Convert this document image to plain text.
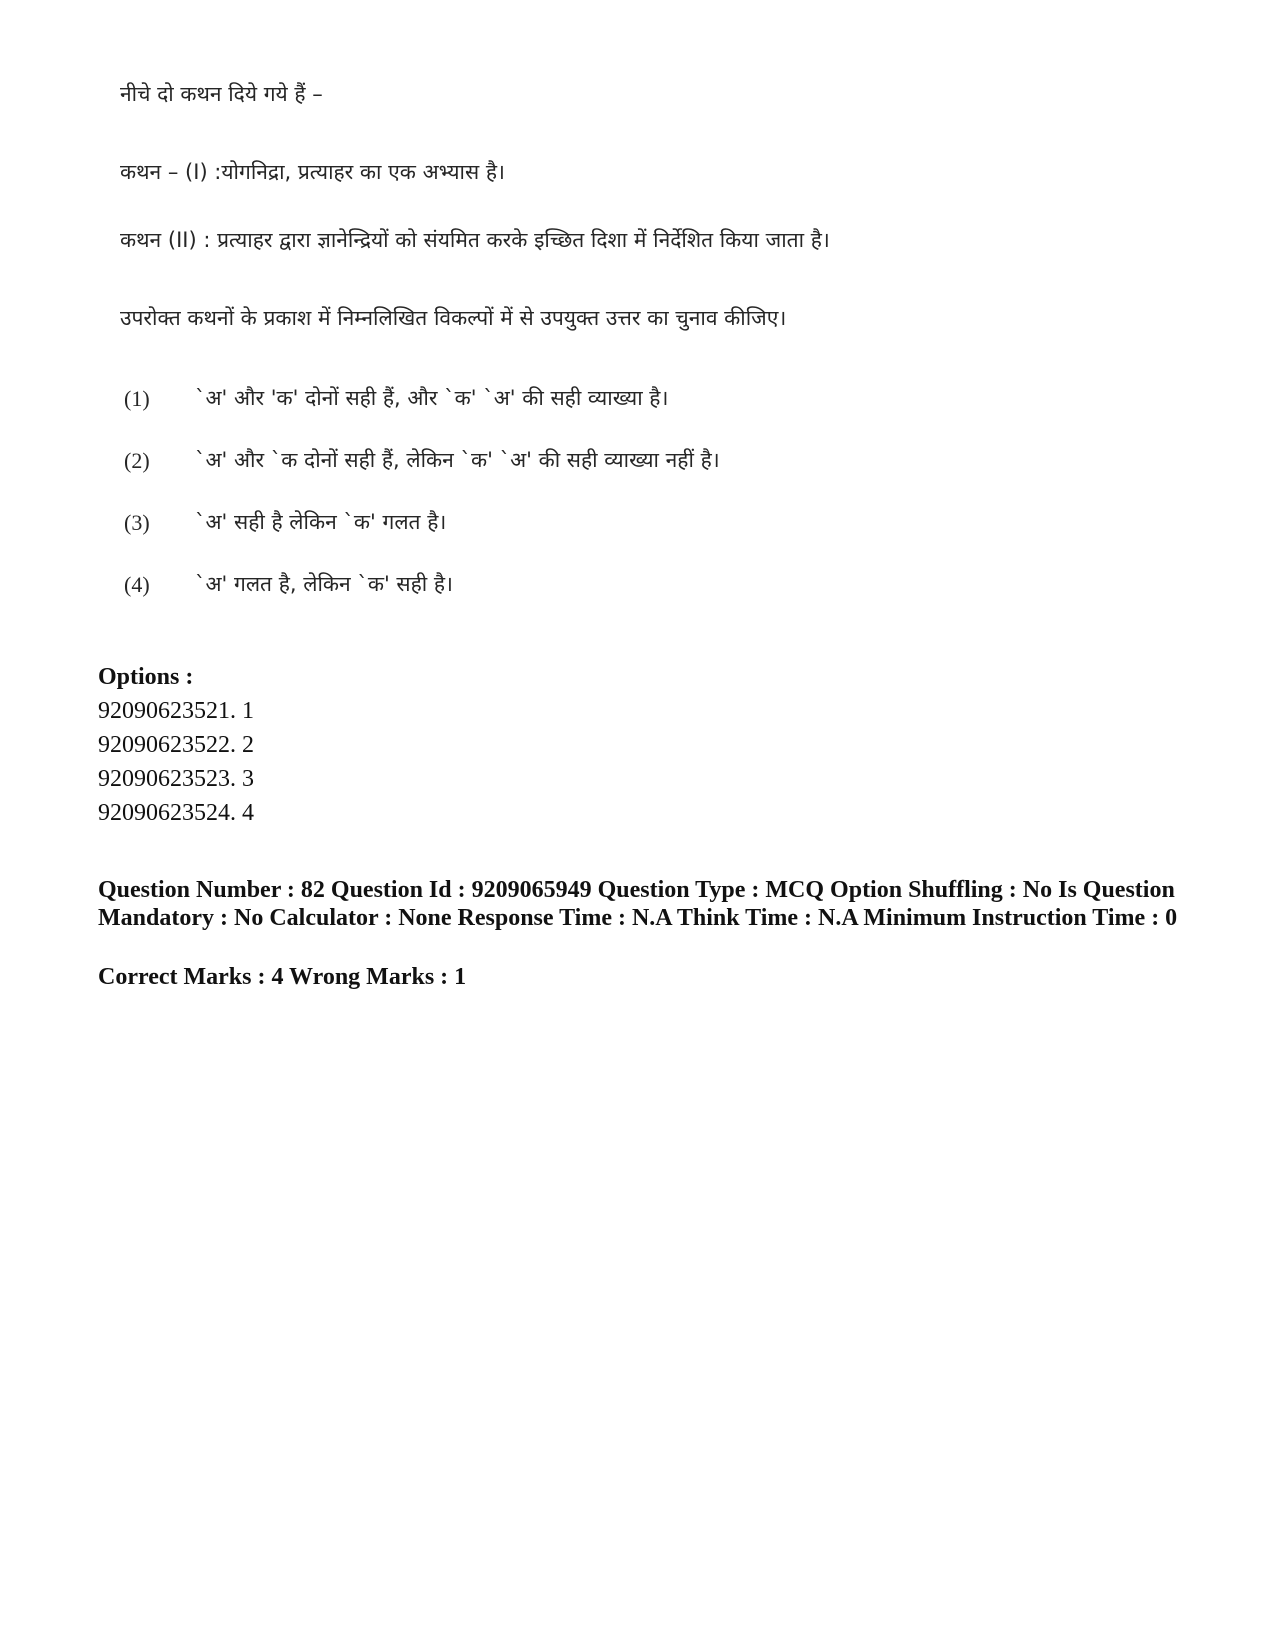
नीचे दो कथन दिये गये हैं –
कथन – (I) :योगनिद्रा, प्रत्याहर का एक अभ्यास है।
कथन (II) : प्रत्याहर द्वारा ज्ञानेन्द्रियों को संयमित करके इच्छित दिशा में निर्देशित किया जाता है।
उपरोक्त कथनों के प्रकाश में निम्नलिखित विकल्पों में से उपयुक्त उत्तर का चुनाव कीजिए।
(1) `अ' और 'क' दोनों सही हैं, और `क' `अ' की सही व्याख्या है।
(2) `अ' और `क दोनों सही हैं, लेकिन `क' `अ' की सही व्याख्या नहीं है।
(3) `अ' सही है लेकिन `क' गलत है।
(4) `अ' गलत है, लेकिन `क' सही है।
Options :
92090623521. 1
92090623522. 2
92090623523. 3
92090623524. 4
Question Number : 82 Question Id : 9209065949 Question Type : MCQ Option Shuffling : No Is Question Mandatory : No Calculator : None Response Time : N.A Think Time : N.A Minimum Instruction Time : 0
Correct Marks : 4 Wrong Marks : 1
